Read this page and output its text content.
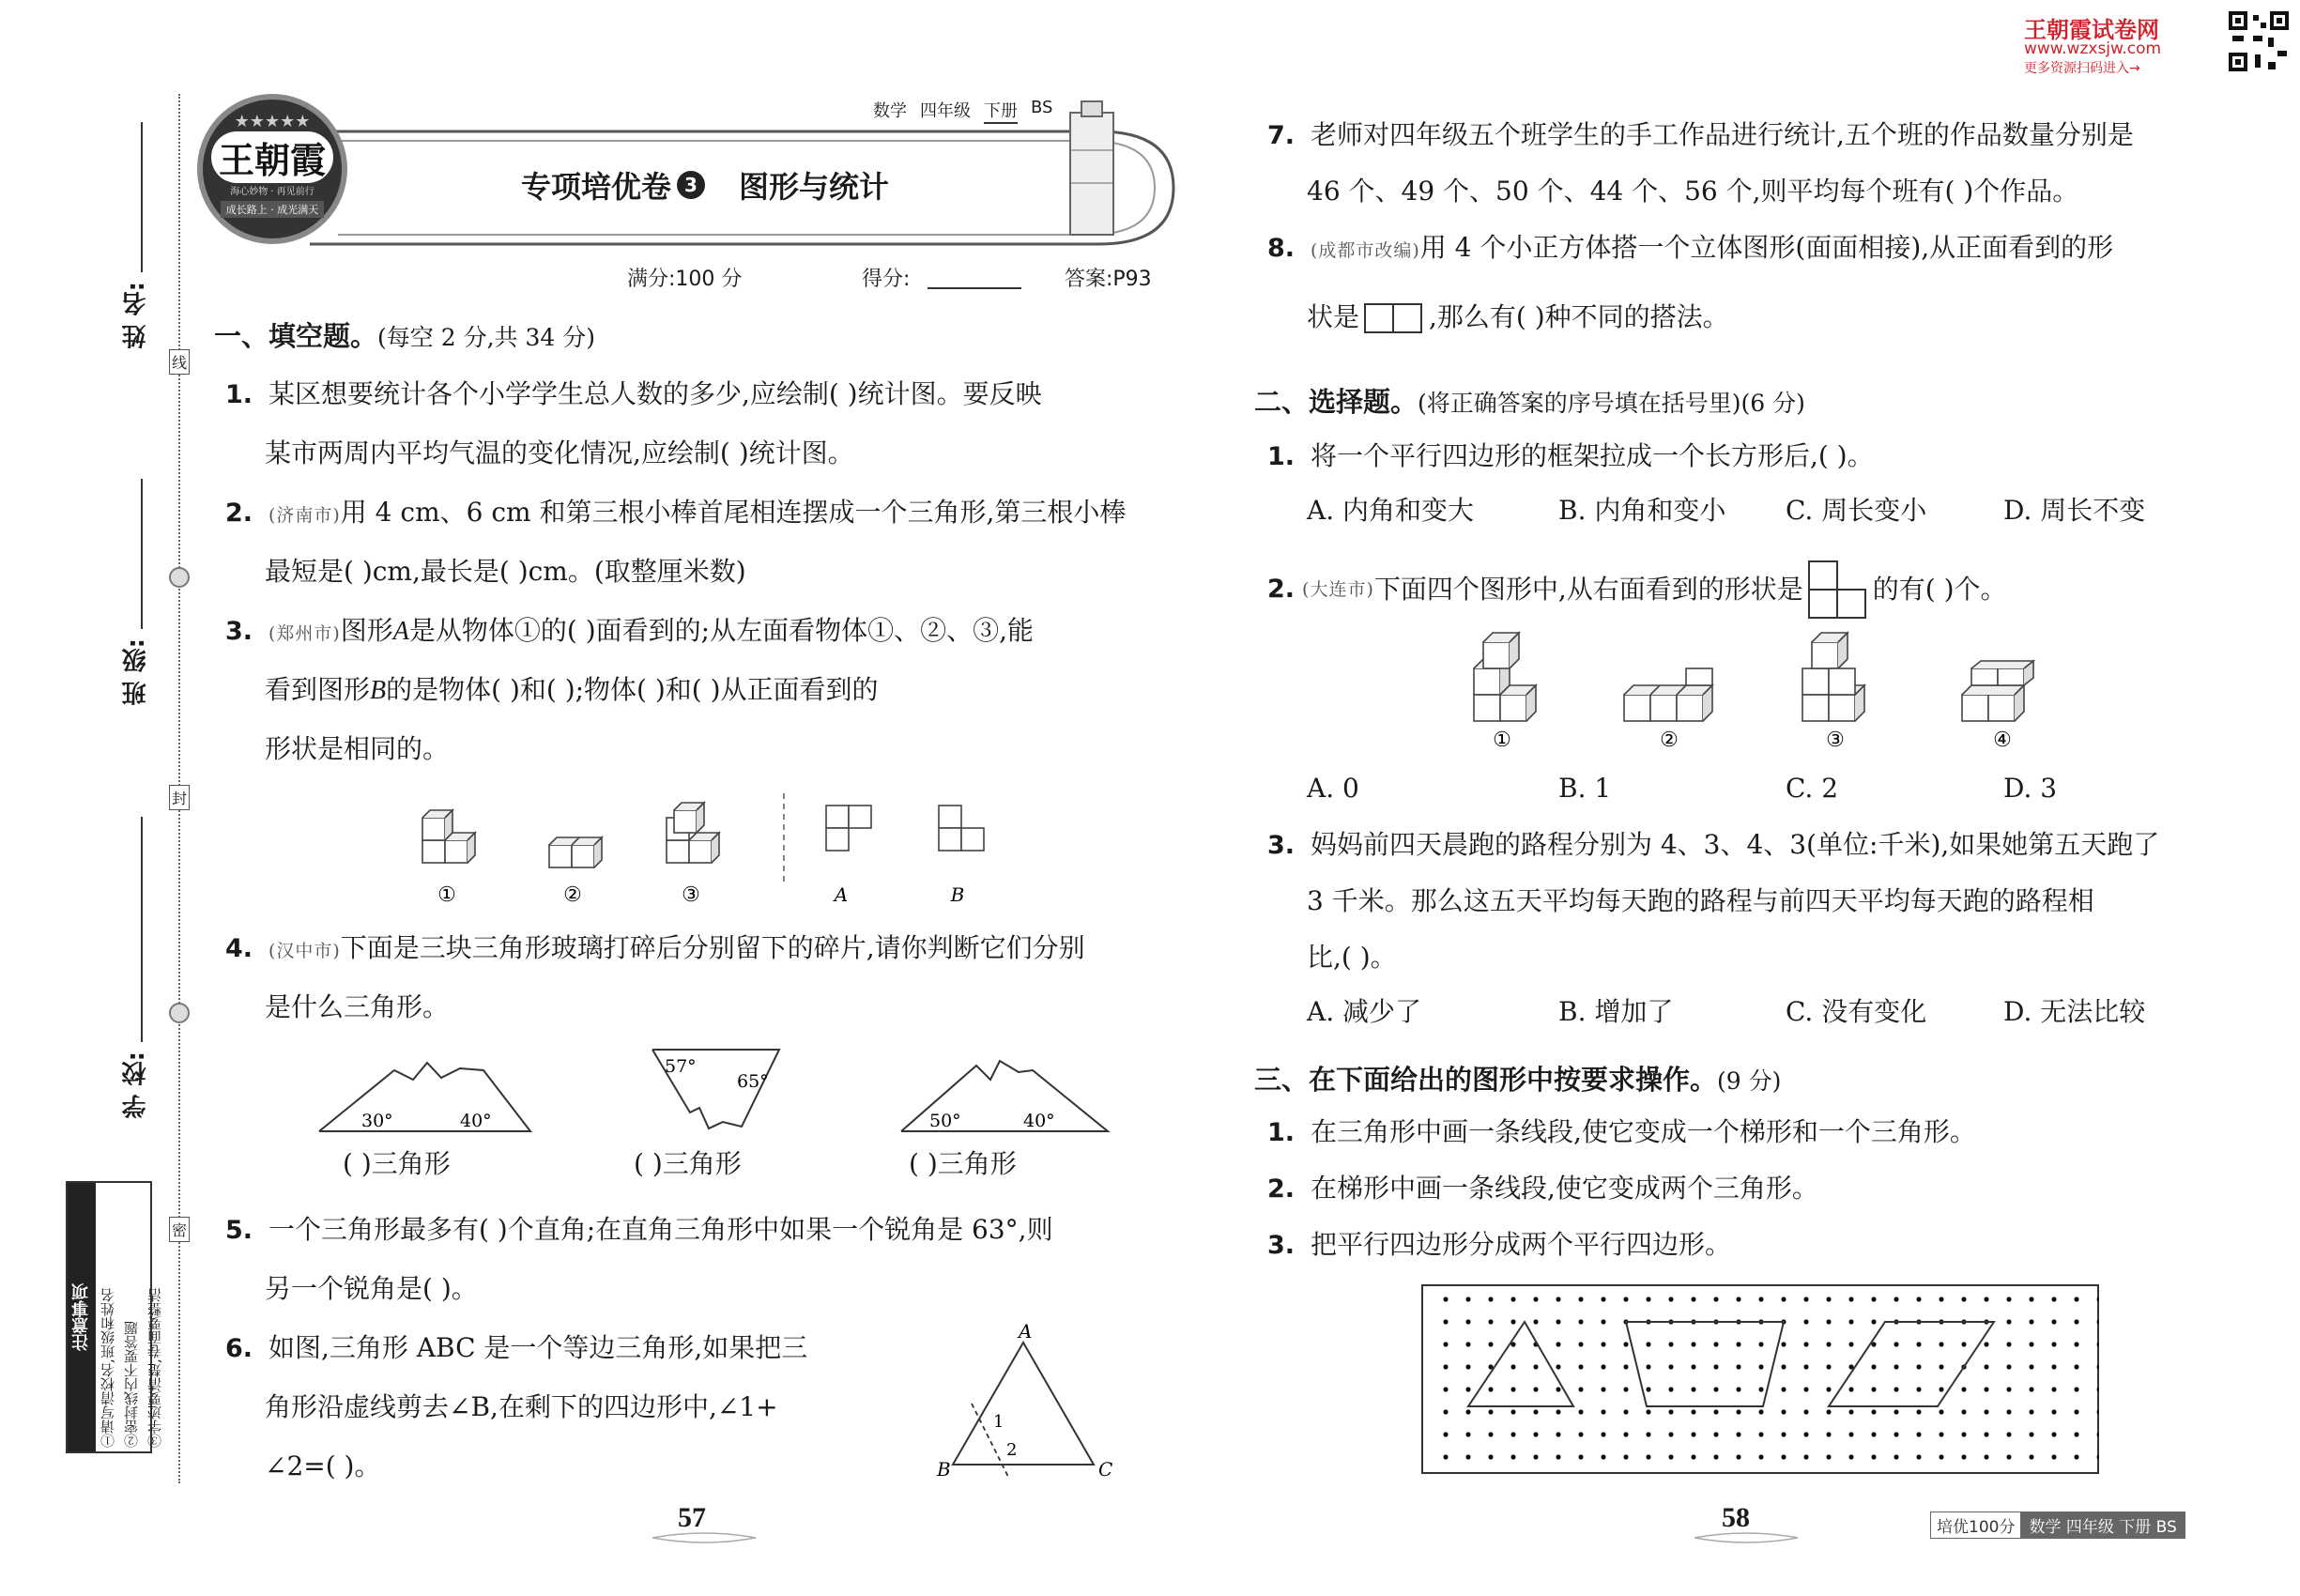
线
封
密
姓 名:
班 级:
学 校:
注意事项 ①请写清校名,班级和姓名 ②密封线内不要答题 ③字迹要清楚,卷面要整洁
★★★★★
王朝霞
海心妙物 · 再见前行
成长路上 · 成光满天
数学 四年级 下册 BS
专项培优卷 3 图形与统计
满分:100 分	得分:	答案:P93
一、填空题。(每空 2 分,共 34 分)
1. 某区想要统计各个小学学生总人数的多少,应绘制( )统计图。要反映
某市两周内平均气温的变化情况,应绘制( )统计图。
2. (济南市)用 4 cm、6 cm 和第三根小棒首尾相连摆成一个三角形,第三根小棒
最短是( )cm,最长是( )cm。(取整厘米数)
3. (郑州市)图形A是从物体①的( )面看到的;从左面看物体①、②、③,能
看到图形B的是物体( )和( );物体( )和( )从正面看到的
形状是相同的。
①	②	③	A	B
4. (汉中市)下面是三块三角形玻璃打碎后分别留下的碎片,请你判断它们分别
是什么三角形。
30°	40°
57°
65°
50°	40°
( )三角形	( )三角形	( )三角形
5. 一个三角形最多有( )个直角;在直角三角形中如果一个锐角是 63°,则
另一个锐角是( )。
6. 如图,三角形 ABC 是一个等边三角形,如果把三
角形沿虚线剪去∠B,在剩下的四边形中,∠1+
∠2=( )。
A
B	C
1
2
57
王朝霞试卷网
www.wzxsjw.com
更多资源扫码进入→
7. 老师对四年级五个班学生的手工作品进行统计,五个班的作品数量分别是
46 个、49 个、50 个、44 个、56 个,则平均每个班有( )个作品。
8. (成都市改编)用 4 个小正方体搭一个立体图形(面面相接),从正面看到的形
状是	,那么有( )种不同的搭法。
二、选择题。(将正确答案的序号填在括号里)(6 分)
1. 将一个平行四边形的框架拉成一个长方形后,( )。
A. 内角和变大	B. 内角和变小 C. 周长变小	D. 周长不变
2. (大连市) 下面四个图形中,从右面看到的形状是	的有( )个。
①	②	③	④
A. 0	B. 1	C. 2	D. 3
3. 妈妈前四天晨跑的路程分别为 4、3、4、3(单位:千米),如果她第五天跑了
3 千米。那么这五天平均每天跑的路程与前四天平均每天跑的路程相
比,( )。
A. 减少了	B. 增加了	C. 没有变化	D. 无法比较
三、在下面给出的图形中按要求操作。(9 分)
1. 在三角形中画一条线段,使它变成一个梯形和一个三角形。
2. 在梯形中画一条线段,使它变成两个三角形。
3. 把平行四边形分成两个平行四边形。
58	培优100分 数学 四年级 下册 BS
